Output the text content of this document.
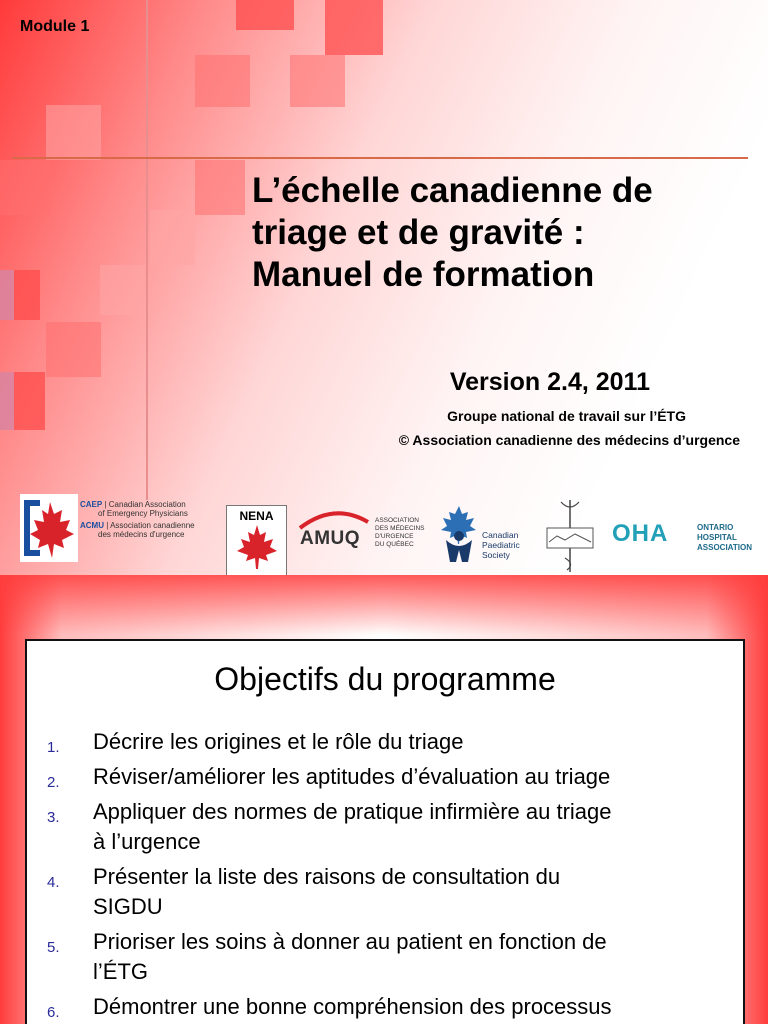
Module 1
L’échelle canadienne de
triage et de gravité :
Manuel de formation
Version 2.4, 2011
Groupe national de travail sur l’ÉTG
© Association canadienne des médecins d’urgence
CAEP | Canadian Association
of Emergency Physicians
ACMU | Association canadienne
des médecins d'urgence
NENA
AMUQ
ASSOCIATION
DES MÉDECINS
D'URGENCE
DU QUÉBEC
Canadian
Paediatric
Society
OHA	ONTARIO
HOSPITAL
ASSOCIATION
Objectifs du programme
1. Décrire les origines et le rôle du triage
2. Réviser/améliorer les aptitudes d’évaluation au triage
3. Appliquer des normes de pratique infirmière au triage
à l’urgence
4. Présenter la liste des raisons de consultation du
SIGDU
5. Prioriser les soins à donner au patient en fonction de
l’ÉTG
6. Démontrer une bonne compréhension des processus
